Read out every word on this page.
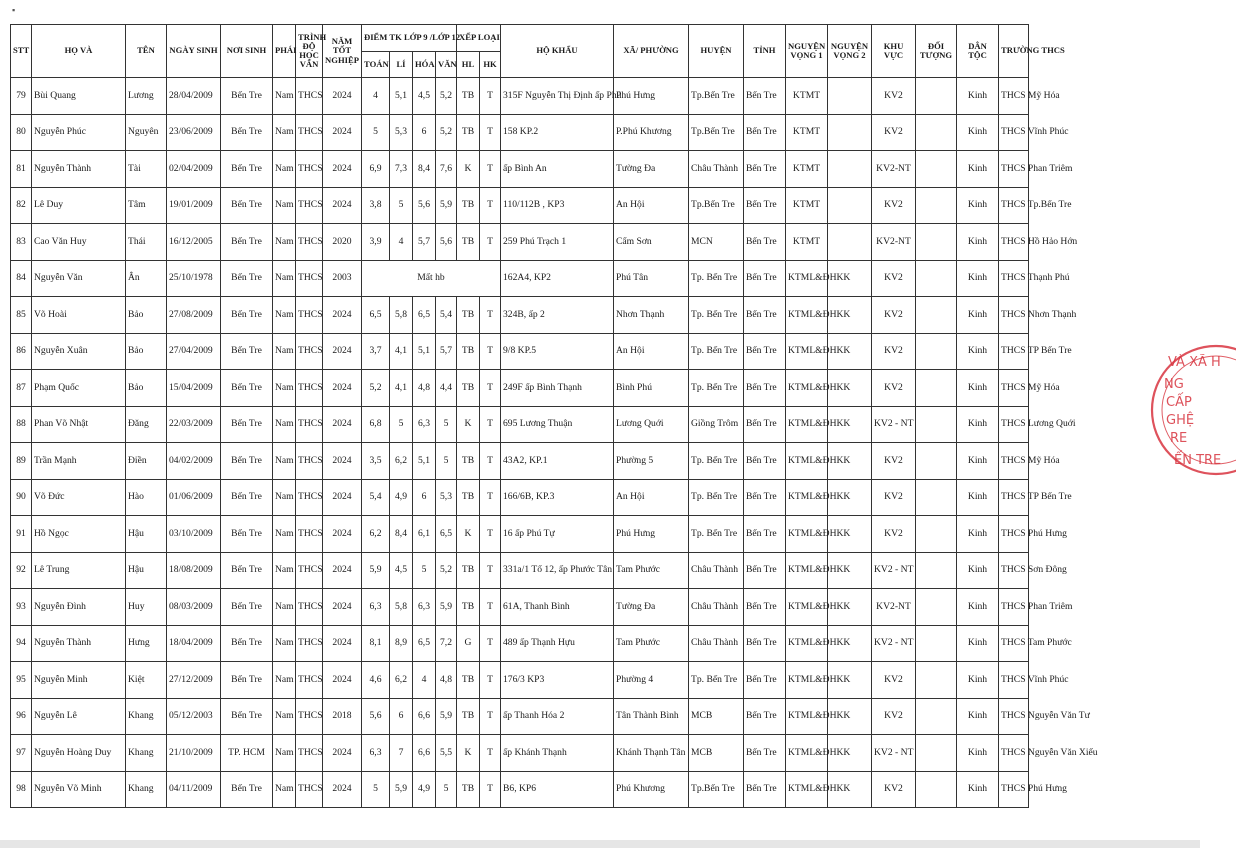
▪
STT	HỌ VÀ	TÊN	NGÀY SINH	NƠI SINH	PHÁI	TRÌNH ĐỘ HỌC VẤN	NĂM TỐT NGHIỆP	ĐIỂM TK LỚP 9 /LỚP 12				XẾP LOẠI		HỘ KHẨU	XÃ/ PHƯỜNG	HUYỆN	TỈNH	NGUYỆN VỌNG 1	NGUYỆN VỌNG 2	KHU VỰC	ĐỐI TƯỢNG	DÂN TỘC	TRƯỜNG THCS
								TOÁN	LÍ	HÓA	VĂN	HL	HK										
79	Bùi Quang	Lương	28/04/2009	Bến Tre	Nam	THCS	2024	4	5,1	4,5	5,2	TB	T	315F Nguyễn Thị Định ấp Phú	Phú Hưng	Tp.Bến Tre	Bến Tre	KTMT		KV2		Kinh	THCS Mỹ Hóa
80	Nguyễn Phúc	Nguyên	23/06/2009	Bến Tre	Nam	THCS	2024	5	5,3	6	5,2	TB	T	158 KP.2	P.Phú Khương	Tp.Bến Tre	Bến Tre	KTMT		KV2		Kinh	THCS Vĩnh Phúc
81	Nguyễn Thành	Tài	02/04/2009	Bến Tre	Nam	THCS	2024	6,9	7,3	8,4	7,6	K	T	ấp Bình An	Tường Đa	Châu Thành	Bến Tre	KTMT		KV2-NT		Kinh	THCS Phan Triêm
82	Lê Duy	Tâm	19/01/2009	Bến Tre	Nam	THCS	2024	3,8	5	5,6	5,9	TB	T	110/112B , KP3	An Hội	Tp.Bến Tre	Bến Tre	KTMT		KV2		Kinh	THCS Tp.Bến Tre
83	Cao Văn Huy	Thái	16/12/2005	Bến Tre	Nam	THCS	2020	3,9	4	5,7	5,6	TB	T	259 Phú Trạch 1	Cẩm Sơn	MCN	Bến Tre	KTMT		KV2-NT		Kinh	THCS Hồ Hảo Hớn
84	Nguyễn Văn	Ân	25/10/1978	Bến Tre	Nam	THCS	2003	Mất hb						162A4, KP2	Phú Tân	Tp. Bến Tre	Bến Tre	KTML&ĐHKK		KV2		Kinh	THCS Thạnh Phú
85	Võ Hoài	Bảo	27/08/2009	Bến Tre	Nam	THCS	2024	6,5	5,8	6,5	5,4	TB	T	324B, ấp 2	Nhơn Thạnh	Tp. Bến Tre	Bến Tre	KTML&ĐHKK		KV2		Kinh	THCS Nhơn Thạnh
86	Nguyễn Xuân	Bảo	27/04/2009	Bến Tre	Nam	THCS	2024	3,7	4,1	5,1	5,7	TB	T	9/8 KP.5	An Hội	Tp. Bến Tre	Bến Tre	KTML&ĐHKK		KV2		Kinh	THCS TP Bến Tre
87	Phạm Quốc	Bảo	15/04/2009	Bến Tre	Nam	THCS	2024	5,2	4,1	4,8	4,4	TB	T	249F ấp Bình Thạnh	Bình Phú	Tp. Bến Tre	Bến Tre	KTML&ĐHKK		KV2		Kinh	THCS Mỹ Hóa
88	Phan Võ Nhật	Đăng	22/03/2009	Bến Tre	Nam	THCS	2024	6,8	5	6,3	5	K	T	695 Lương Thuận	Lương Quới	Giồng Trôm	Bến Tre	KTML&ĐHKK		KV2 - NT		Kinh	THCS Lương Quới
89	Trần Mạnh	Điền	04/02/2009	Bến Tre	Nam	THCS	2024	3,5	6,2	5,1	5	TB	T	43A2, KP.1	Phường 5	Tp. Bến Tre	Bến Tre	KTML&ĐHKK		KV2		Kinh	THCS Mỹ Hóa
90	Võ Đức	Hào	01/06/2009	Bến Tre	Nam	THCS	2024	5,4	4,9	6	5,3	TB	T	166/6B, KP.3	An Hội	Tp. Bến Tre	Bến Tre	KTML&ĐHKK		KV2		Kinh	THCS TP Bến Tre
91	Hồ Ngọc	Hậu	03/10/2009	Bến Tre	Nam	THCS	2024	6,2	8,4	6,1	6,5	K	T	16 ấp Phú Tự	Phú Hưng	Tp. Bến Tre	Bến Tre	KTML&ĐHKK		KV2		Kinh	THCS Phú Hưng
92	Lê Trung	Hậu	18/08/2009	Bến Tre	Nam	THCS	2024	5,9	4,5	5	5,2	TB	T	331a/1 Tổ 12, ấp Phước Tân	Tam Phước	Châu Thành	Bến Tre	KTML&ĐHKK		KV2 - NT		Kinh	THCS Sơn Đông
93	Nguyễn Đình	Huy	08/03/2009	Bến Tre	Nam	THCS	2024	6,3	5,8	6,3	5,9	TB	T	61A, Thanh Bình	Tường Đa	Châu Thành	Bến Tre	KTML&ĐHKK		KV2-NT		Kinh	THCS Phan Triêm
94	Nguyễn Thành	Hưng	18/04/2009	Bến Tre	Nam	THCS	2024	8,1	8,9	6,5	7,2	G	T	489 ấp Thạnh Hựu	Tam Phước	Châu Thành	Bến Tre	KTML&ĐHKK		KV2 - NT		Kinh	THCS Tam Phước
95	Nguyễn Minh	Kiệt	27/12/2009	Bến Tre	Nam	THCS	2024	4,6	6,2	4	4,8	TB	T	176/3 KP3	Phường 4	Tp. Bến Tre	Bến Tre	KTML&ĐHKK		KV2		Kinh	THCS Vĩnh Phúc
96	Nguyễn Lê	Khang	05/12/2003	Bến Tre	Nam	THCS	2018	5,6	6	6,6	5,9	TB	T	ấp Thanh Hóa 2	Tân Thành Bình	MCB	Bến Tre	KTML&ĐHKK		KV2		Kinh	THCS Nguyễn Văn Tư
97	Nguyễn Hoàng Duy	Khang	21/10/2009	TP. HCM	Nam	THCS	2024	6,3	7	6,6	5,5	K	T	ấp Khánh Thạnh	Khánh Thạnh Tân	MCB	Bến Tre	KTML&ĐHKK		KV2 - NT		Kinh	THCS Nguyễn Văn Xiếu
98	Nguyễn Võ Minh	Khang	04/11/2009	Bến Tre	Nam	THCS	2024	5	5,9	4,9	5	TB	T	B6, KP6	Phú Khương	Tp.Bến Tre	Bến Tre	KTML&ĐHKK		KV2		Kinh	THCS Phú Hưng
VÀ XÃ H
NG
CẤP
GHỆ
RE
ẾN TRE
